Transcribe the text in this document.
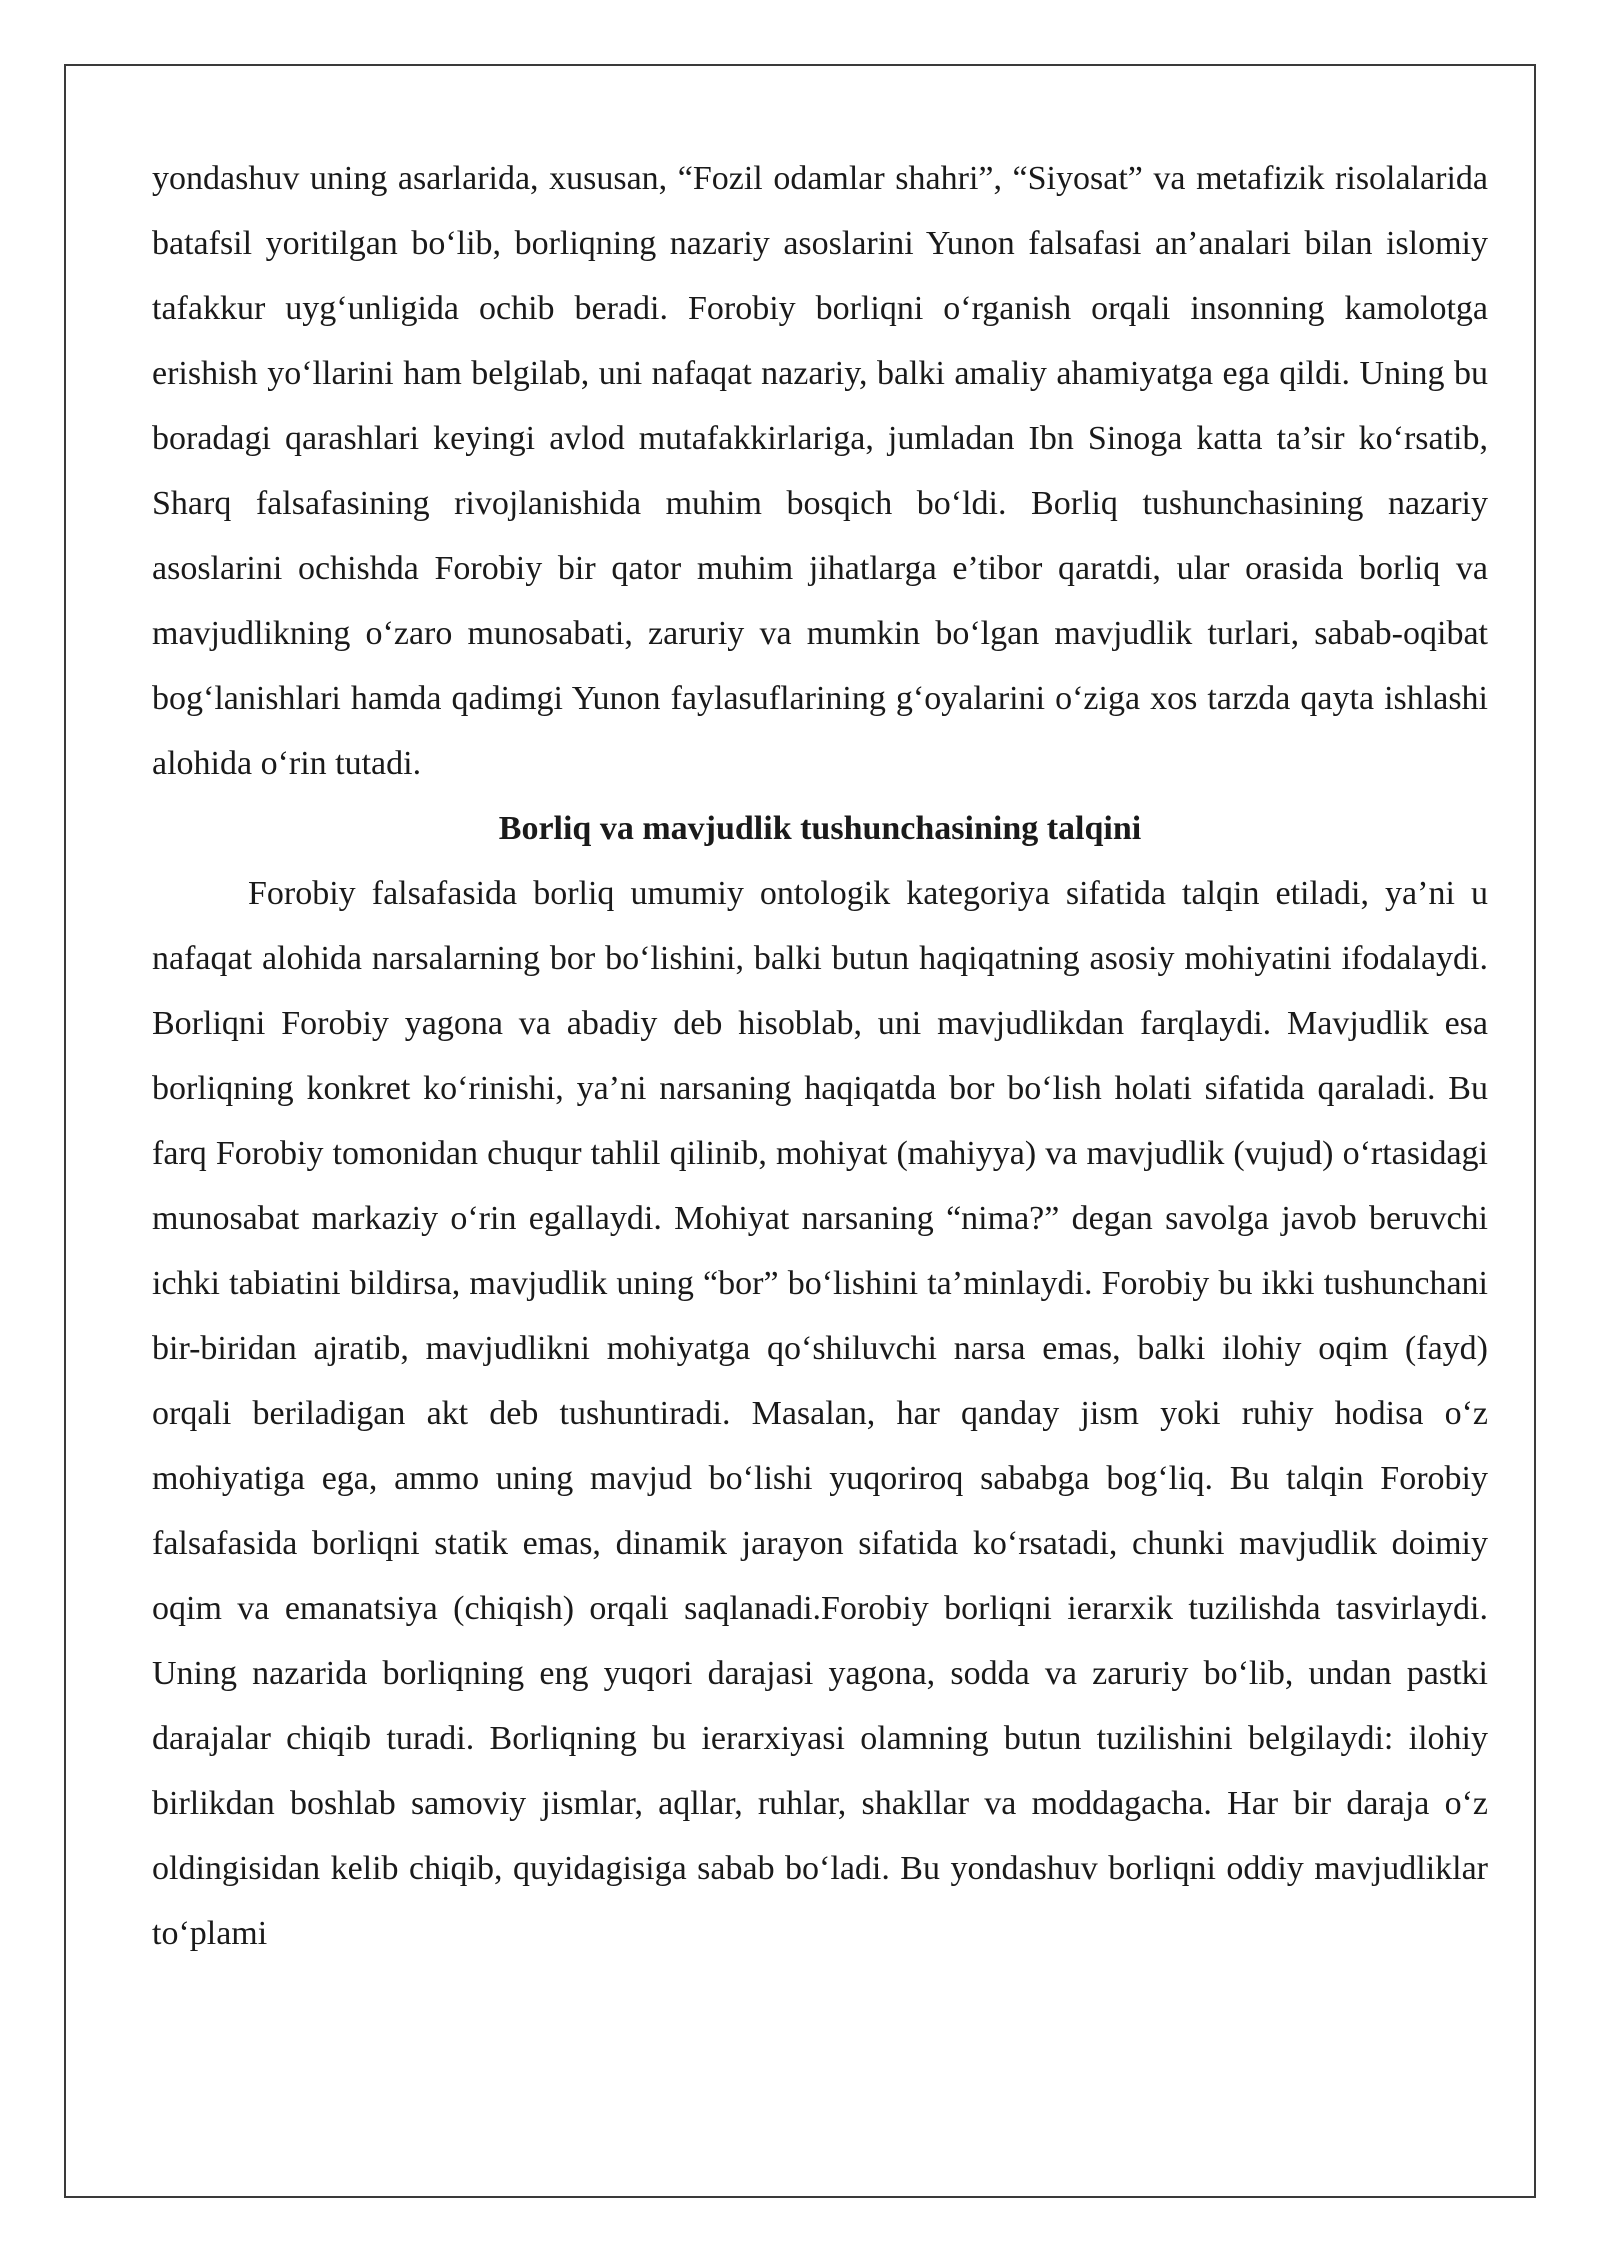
yondashuv uning asarlarida, xususan, “Fozil odamlar shahri”, “Siyosat” va metafizik risolalarida batafsil yoritilgan boʻlib, borliqning nazariy asoslarini Yunon falsafasi an’analari bilan islomiy tafakkur uygʻunligida ochib beradi. Forobiy borliqni oʻrganish orqali insonning kamolotga erishish yoʻllarini ham belgilab, uni nafaqat nazariy, balki amaliy ahamiyatga ega qildi. Uning bu boradagi qarashlari keyingi avlod mutafakkirlariga, jumladan Ibn Sinoga katta ta’sir koʻrsatib, Sharq falsafasining rivojlanishida muhim bosqich boʻldi. Borliq tushunchasining nazariy asoslarini ochishda Forobiy bir qator muhim jihatlarga e’tibor qaratdi, ular orasida borliq va mavjudlikning oʻzaro munosabati, zaruriy va mumkin boʻlgan mavjudlik turlari, sabab-oqibat bogʻlanishlari hamda qadimgi Yunon faylasuflarining gʻoyalarini oʻziga xos tarzda qayta ishlashi alohida oʻrin tutadi.

Borliq va mavjudlik tushunchasining talqini

Forobiy falsafasida borliq umumiy ontologik kategoriya sifatida talqin etiladi, ya’ni u nafaqat alohida narsalarning bor boʻlishini, balki butun haqiqatning asosiy mohiyatini ifodalaydi. Borliqni Forobiy yagona va abadiy deb hisoblab, uni mavjudlikdan farqlaydi. Mavjudlik esa borliqning konkret koʻrinishi, ya’ni narsaning haqiqatda bor boʻlish holati sifatida qaraladi. Bu farq Forobiy tomonidan chuqur tahlil qilinib, mohiyat (mahiyya) va mavjudlik (vujud) oʻrtasidagi munosabat markaziy oʻrin egallaydi. Mohiyat narsaning “nima?” degan savolga javob beruvchi ichki tabiatini bildirsa, mavjudlik uning “bor” boʻlishini ta’minlaydi. Forobiy bu ikki tushunchani bir-biridan ajratib, mavjudlikni mohiyatga qoʻshiluvchi narsa emas, balki ilohiy oqim (fayd) orqali beriladigan akt deb tushuntiradi. Masalan, har qanday jism yoki ruhiy hodisa oʻz mohiyatiga ega, ammo uning mavjud boʻlishi yuqoriroq sababga bogʻliq. Bu talqin Forobiy falsafasida borliqni statik emas, dinamik jarayon sifatida koʻrsatadi, chunki mavjudlik doimiy oqim va emanatsiya (chiqish) orqali saqlanadi.Forobiy borliqni ierarxik tuzilishda tasvirlaydi. Uning nazarida borliqning eng yuqori darajasi yagona, sodda va zaruriy boʻlib, undan pastki darajalar chiqib turadi. Borliqning bu ierarxiyasi olamning butun tuzilishini belgilaydi: ilohiy birlikdan boshlab samoviy jismlar, aqllar, ruhlar, shakllar va moddagacha. Har bir daraja oʻz oldingisidan kelib chiqib, quyidagisiga sabab boʻladi. Bu yondashuv borliqni oddiy mavjudliklar toʻplami
